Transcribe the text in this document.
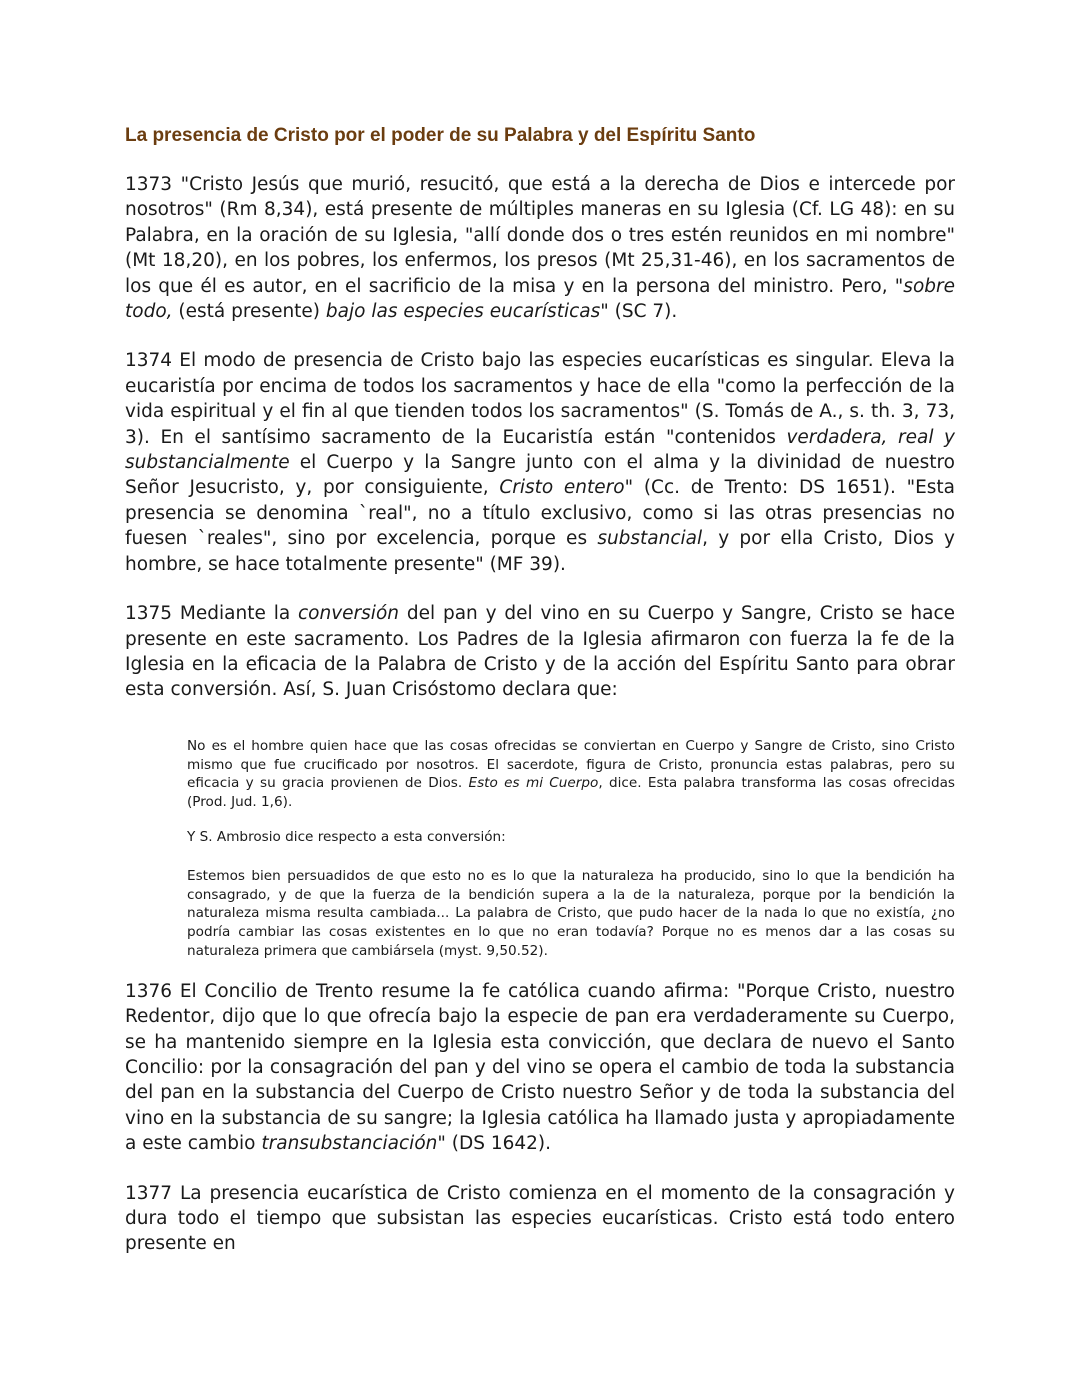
La presencia de Cristo por el poder de su Palabra y del Espíritu Santo

1373 "Cristo Jesús que murió, resucitó, que está a la derecha de Dios e intercede por nosotros" (Rm 8,34), está presente de múltiples maneras en su Iglesia (Cf. LG 48): en su Palabra, en la oración de su Iglesia, "allí donde dos o tres estén reunidos en mi nombre" (Mt 18,20), en los pobres, los enfermos, los presos (Mt 25,31-46), en los sacramentos de los que él es autor, en el sacrificio de la misa y en la persona del ministro. Pero, "sobre todo, (está presente) bajo las especies eucarísticas" (SC 7).

1374 El modo de presencia de Cristo bajo las especies eucarísticas es singular. Eleva la eucaristía por encima de todos los sacramentos y hace de ella "como la perfección de la vida espiritual y el fin al que tienden todos los sacramentos" (S. Tomás de A., s. th. 3, 73, 3). En el santísimo sacramento de la Eucaristía están "contenidos verdadera, real y substancialmente el Cuerpo y la Sangre junto con el alma y la divinidad de nuestro Señor Jesucristo, y, por consiguiente, Cristo entero" (Cc. de Trento: DS 1651). "Esta presencia se denomina `real", no a título exclusivo, como si las otras presencias no fuesen `reales", sino por excelencia, porque es substancial, y por ella Cristo, Dios y hombre, se hace totalmente presente" (MF 39).

1375 Mediante la conversión del pan y del vino en su Cuerpo y Sangre, Cristo se hace presente en este sacramento. Los Padres de la Iglesia afirmaron con fuerza la fe de la Iglesia en la eficacia de la Palabra de Cristo y de la acción del Espíritu Santo para obrar esta conversión. Así, S. Juan Crisóstomo declara que:

No es el hombre quien hace que las cosas ofrecidas se conviertan en Cuerpo y Sangre de Cristo, sino Cristo mismo que fue crucificado por nosotros. El sacerdote, figura de Cristo, pronuncia estas palabras, pero su eficacia y su gracia provienen de Dios. Esto es mi Cuerpo, dice. Esta palabra transforma las cosas ofrecidas (Prod. Jud. 1,6).

Y S. Ambrosio dice respecto a esta conversión:

Estemos bien persuadidos de que esto no es lo que la naturaleza ha producido, sino lo que la bendición ha consagrado, y de que la fuerza de la bendición supera a la de la naturaleza, porque por la bendición la naturaleza misma resulta cambiada... La palabra de Cristo, que pudo hacer de la nada lo que no existía, ¿no podría cambiar las cosas existentes en lo que no eran todavía? Porque no es menos dar a las cosas su naturaleza primera que cambiársela (myst. 9,50.52).

1376 El Concilio de Trento resume la fe católica cuando afirma: "Porque Cristo, nuestro Redentor, dijo que lo que ofrecía bajo la especie de pan era verdaderamente su Cuerpo, se ha mantenido siempre en la Iglesia esta convicción, que declara de nuevo el Santo Concilio: por la consagración del pan y del vino se opera el cambio de toda la substancia del pan en la substancia del Cuerpo de Cristo nuestro Señor y de toda la substancia del vino en la substancia de su sangre; la Iglesia católica ha llamado justa y apropiadamente a este cambio transubstanciación" (DS 1642).

1377 La presencia eucarística de Cristo comienza en el momento de la consagración y dura todo el tiempo que subsistan las especies eucarísticas. Cristo está todo entero presente en
